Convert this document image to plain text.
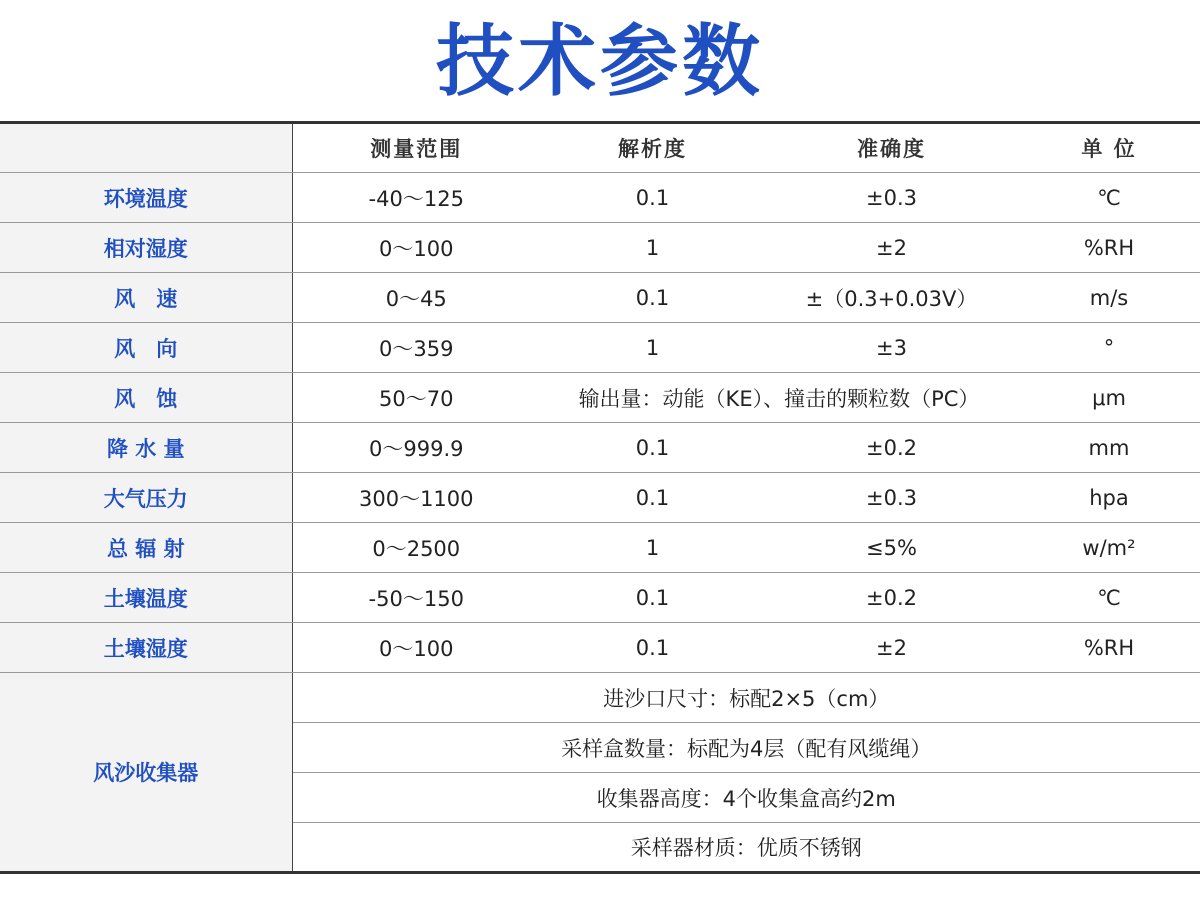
技术参数
	测量范围	解析度	准确度	单 位
环境温度	-40～125	0.1	±0.3	℃
相对湿度	0～100	1	±2	%RH
风　速	0～45	0.1	±（0.3+0.03V）	m/s
风　向	0～359	1	±3	°
风　蚀	50～70	输出量：动能（KE）、撞击的颗粒数（PC）		μm
降 水 量	0～999.9	0.1	±0.2	mm
大气压力	300～1100	0.1	±0.3	hpa
总 辐 射	0～2500	1	≤5%	w/m²
土壤温度	-50～150	0.1	±0.2	℃
土壤湿度	0～100	0.1	±2	%RH
风沙收集器	进沙口尺寸：标配2×5（cm）			
	采样盒数量：标配为4层（配有风缆绳）			
	收集器高度：4个收集盒高约2m			
	采样器材质：优质不锈钢			
